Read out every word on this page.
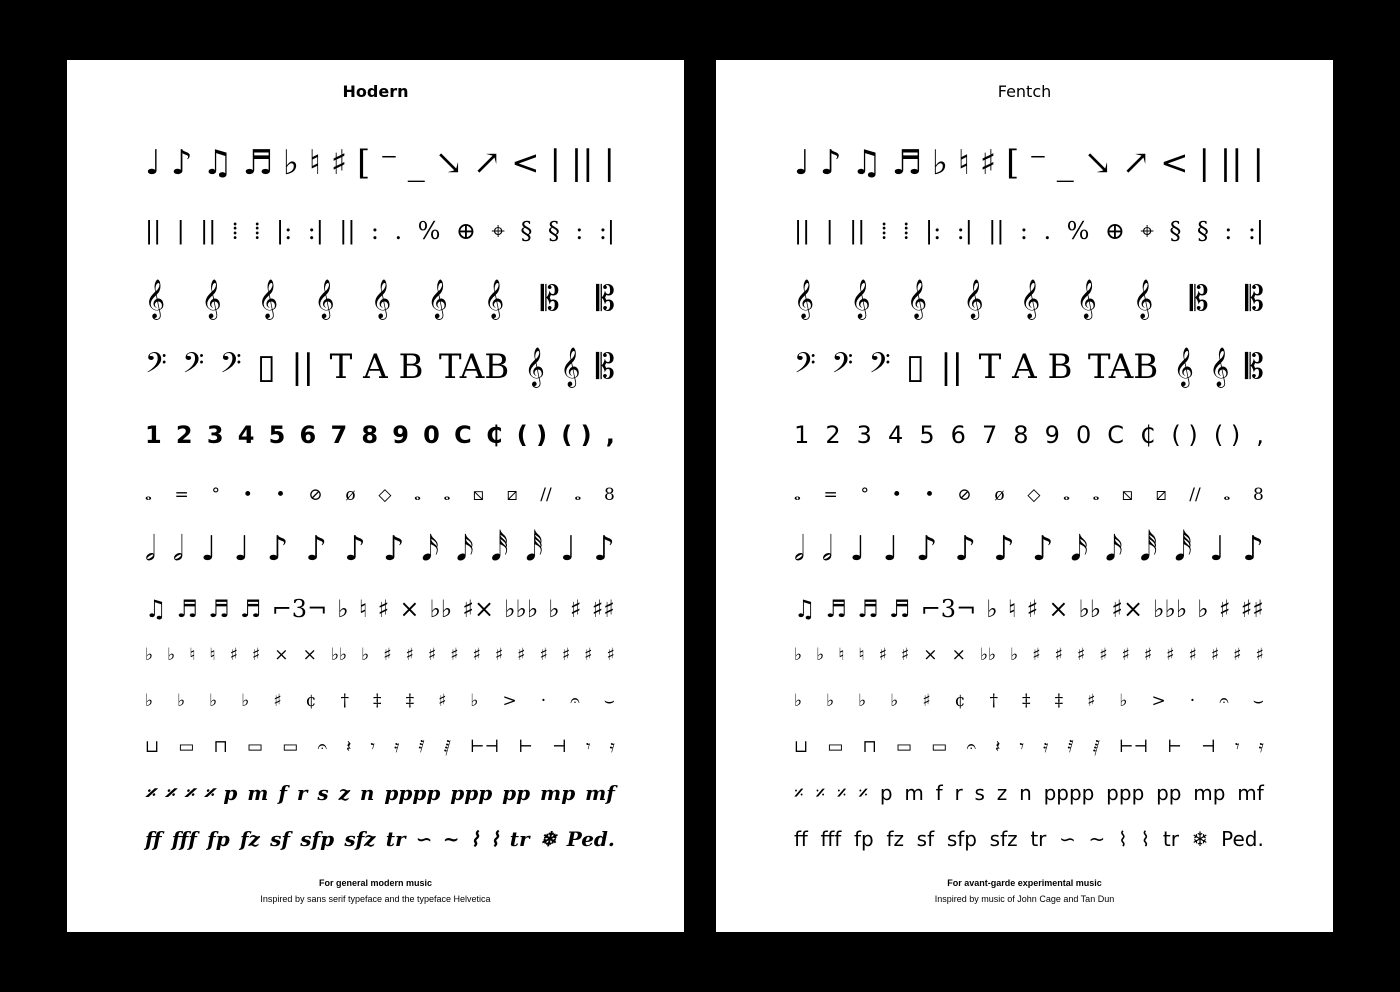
Hodern
♩ ♪ ♫ ♬ ♭ ♮ ♯ [ ⁻ _ ↘ ↗ < | || |
|| | || ⁞ ⁞ |: :| || : . % ⊕ ⌖ § § : :|
𝄞 𝄞 𝄞 𝄞 𝄞 𝄞 𝄞 𝄡 𝄡
𝄢 𝄢 𝄢 ▯ || T A B TAB 𝄞 𝄞 𝄡
1 2 3 4 5 6 7 8 9 0 C ₵ ( ) ( ) ,
𝅝 = ° • • ⊘ ø ◇ 𝅝 𝅝 ⧅ ⧄ // 𝅝 8
𝅗𝅥 𝅗𝅥 ♩ ♩ ♪ ♪ ♪ ♪ 𝅘𝅥𝅯 𝅘𝅥𝅯 𝅘𝅥𝅰 𝅘𝅥𝅰 ♩ ♪
♫ ♬ ♬ ♬ ⌐3¬ ♭ ♮ ♯ × ♭♭ ♯× ♭♭♭ ♭ ♯ ♯♯
♭ ♭ ♮ ♮ ♯ ♯ × × ♭♭ ♭ ♯ ♯ ♯ ♯ ♯ ♯ ♯ ♯ ♯ ♯ ♯
♭ ♭ ♭ ♭ ♯ ¢ † ‡ ‡ ♯ ♭ > · 𝄐 ⌣
⊔ ▭ ⊓ ▭ ▭ 𝄐 𝄽 𝄾 𝄿 𝅀 𝅁 ⊢⊣ ⊢ ⊣ 𝄾 𝄿
𝄎 𝄎 𝄎 𝄎 p m f r s z n pppp ppp pp mp mf
ff fff fp fz sf sfp sfz tr ∽ ~ ⌇ ⌇ tr ❄ Ped.
For general modern music
Inspired by sans serif typeface and the typeface Helvetica
Fentch
♩ ♪ ♫ ♬ ♭ ♮ ♯ [ ⁻ _ ↘ ↗ < | || |
|| | || ⁞ ⁞ |: :| || : . % ⊕ ⌖ § § : :|
𝄞 𝄞 𝄞 𝄞 𝄞 𝄞 𝄞 𝄡 𝄡
𝄢 𝄢 𝄢 ▯ || T A B TAB 𝄞 𝄞 𝄡
1 2 3 4 5 6 7 8 9 0 C ₵ ( ) ( ) ,
𝅝 = ° • • ⊘ ø ◇ 𝅝 𝅝 ⧅ ⧄ // 𝅝 8
𝅗𝅥 𝅗𝅥 ♩ ♩ ♪ ♪ ♪ ♪ 𝅘𝅥𝅯 𝅘𝅥𝅯 𝅘𝅥𝅰 𝅘𝅥𝅰 ♩ ♪
♫ ♬ ♬ ♬ ⌐3¬ ♭ ♮ ♯ × ♭♭ ♯× ♭♭♭ ♭ ♯ ♯♯
♭ ♭ ♮ ♮ ♯ ♯ × × ♭♭ ♭ ♯ ♯ ♯ ♯ ♯ ♯ ♯ ♯ ♯ ♯ ♯
♭ ♭ ♭ ♭ ♯ ¢ † ‡ ‡ ♯ ♭ > · 𝄐 ⌣
⊔ ▭ ⊓ ▭ ▭ 𝄐 𝄽 𝄾 𝄿 𝅀 𝅁 ⊢⊣ ⊢ ⊣ 𝄾 𝄿
𝄎 𝄎 𝄎 𝄎 p m f r s z n pppp ppp pp mp mf
ff fff fp fz sf sfp sfz tr ∽ ~ ⌇ ⌇ tr ❄ Ped.
For avant-garde experimental music
Inspired by music of John Cage and Tan Dun
